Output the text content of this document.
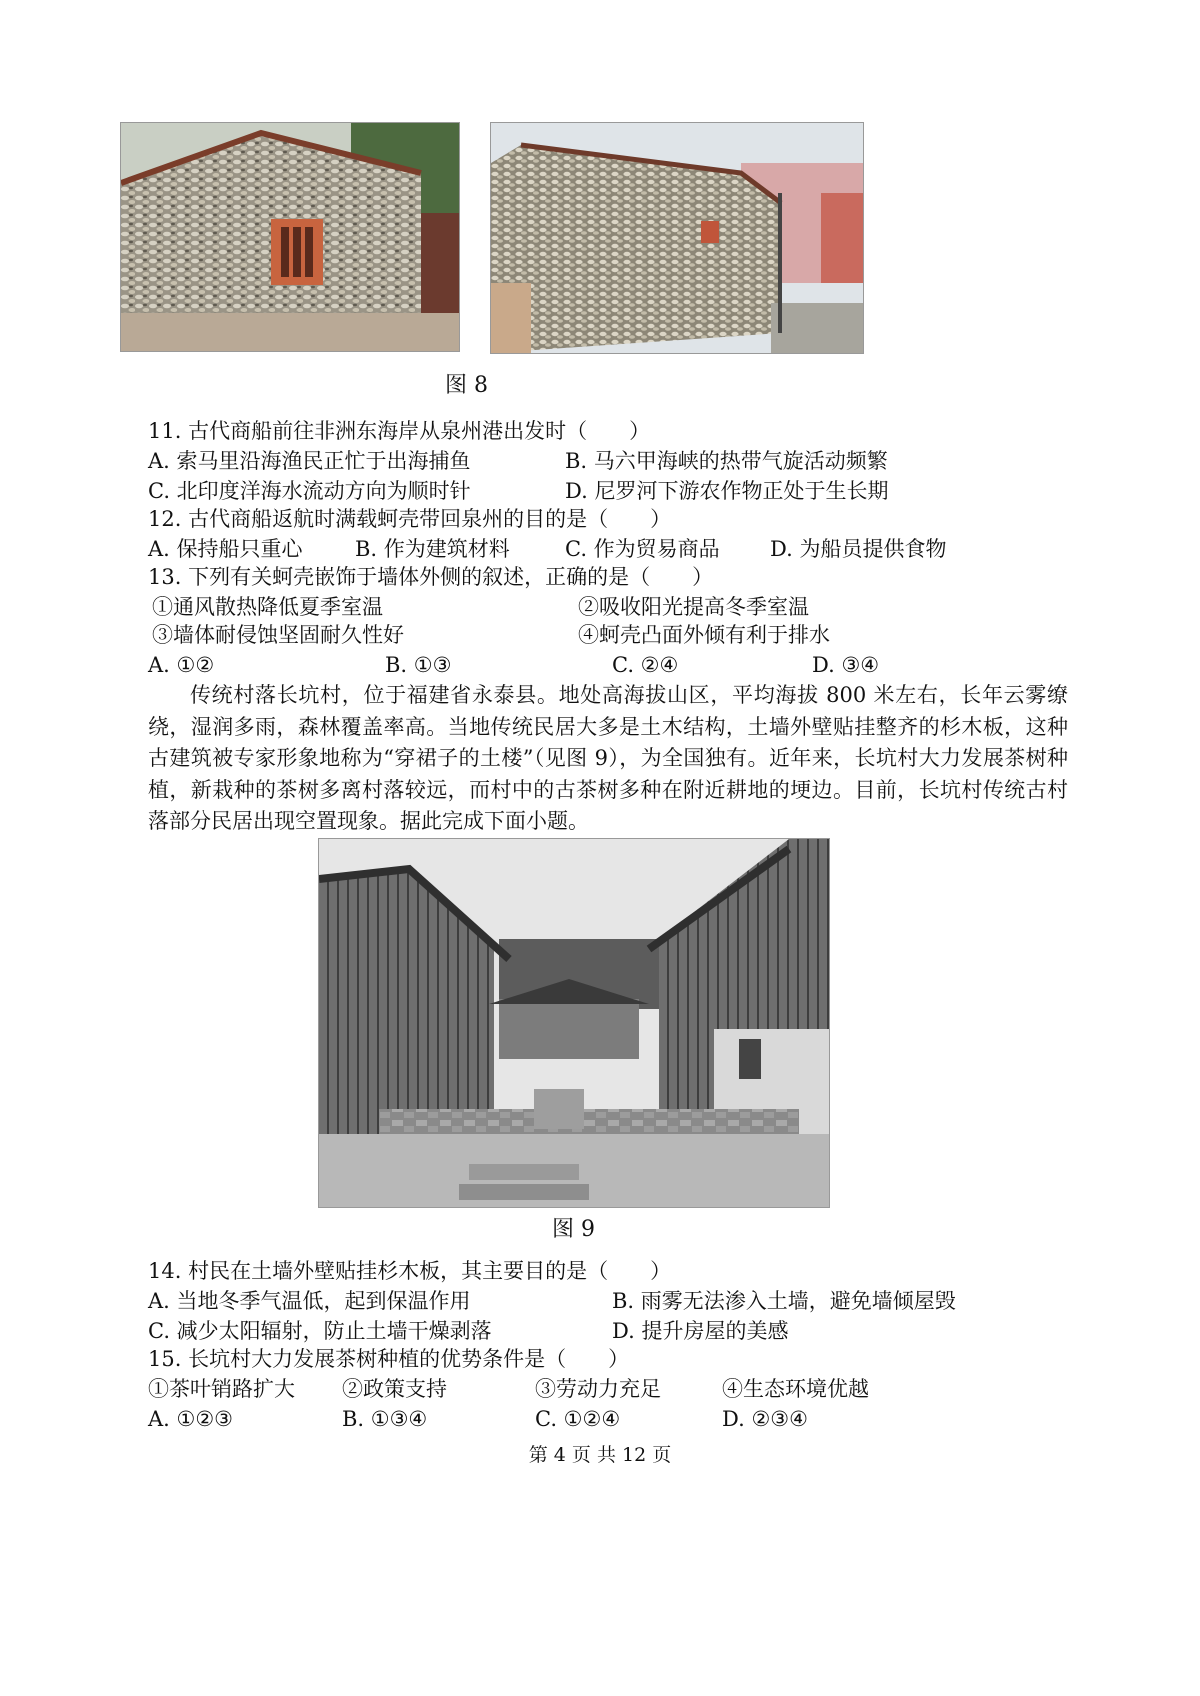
图 8
11. 古代商船前往非洲东海岸从泉州港出发时（　　）
A. 索马里沿海渔民正忙于出海捕鱼	B. 马六甲海峡的热带气旋活动频繁
C. 北印度洋海水流动方向为顺时针	D. 尼罗河下游农作物正处于生长期
12. 古代商船返航时满载蚵壳带回泉州的目的是（　　）
A. 保持船只重心 B. 作为建筑材料	C. 作为贸易商品 D. 为船员提供食物
13. 下列有关蚵壳嵌饰于墙体外侧的叙述，正确的是（　　）
①通风散热降低夏季室温	②吸收阳光提高冬季室温
③墙体耐侵蚀坚固耐久性好	④蚵壳凸面外倾有利于排水
A. ①②	B. ①③	C. ②④	D. ③④
传统村落长坑村，位于福建省永泰县。地处高海拔山区，平均海拔 800 米左右，长年云雾缭绕，湿润多雨，森林覆盖率高。当地传统民居大多是土木结构，土墙外壁贴挂整齐的杉木板，这种古建筑被专家形象地称为“穿裙子的土楼”（见图 9），为全国独有。近年来，长坑村大力发展茶树种植，新栽种的茶树多离村落较远，而村中的古茶树多种在附近耕地的埂边。目前，长坑村传统古村落部分民居出现空置现象。据此完成下面小题。
图 9
14. 村民在土墙外壁贴挂杉木板，其主要目的是（　　）
A. 当地冬季气温低，起到保温作用	B. 雨雾无法渗入土墙，避免墙倾屋毁
C. 减少太阳辐射，防止土墙干燥剥落	D. 提升房屋的美感
15. 长坑村大力发展茶树种植的优势条件是（　　）
①茶叶销路扩大 ②政策支持	③劳动力充足	④生态环境优越
A. ①②③	B. ①③④	C. ①②④	D. ②③④
第 4 页 共 12 页
